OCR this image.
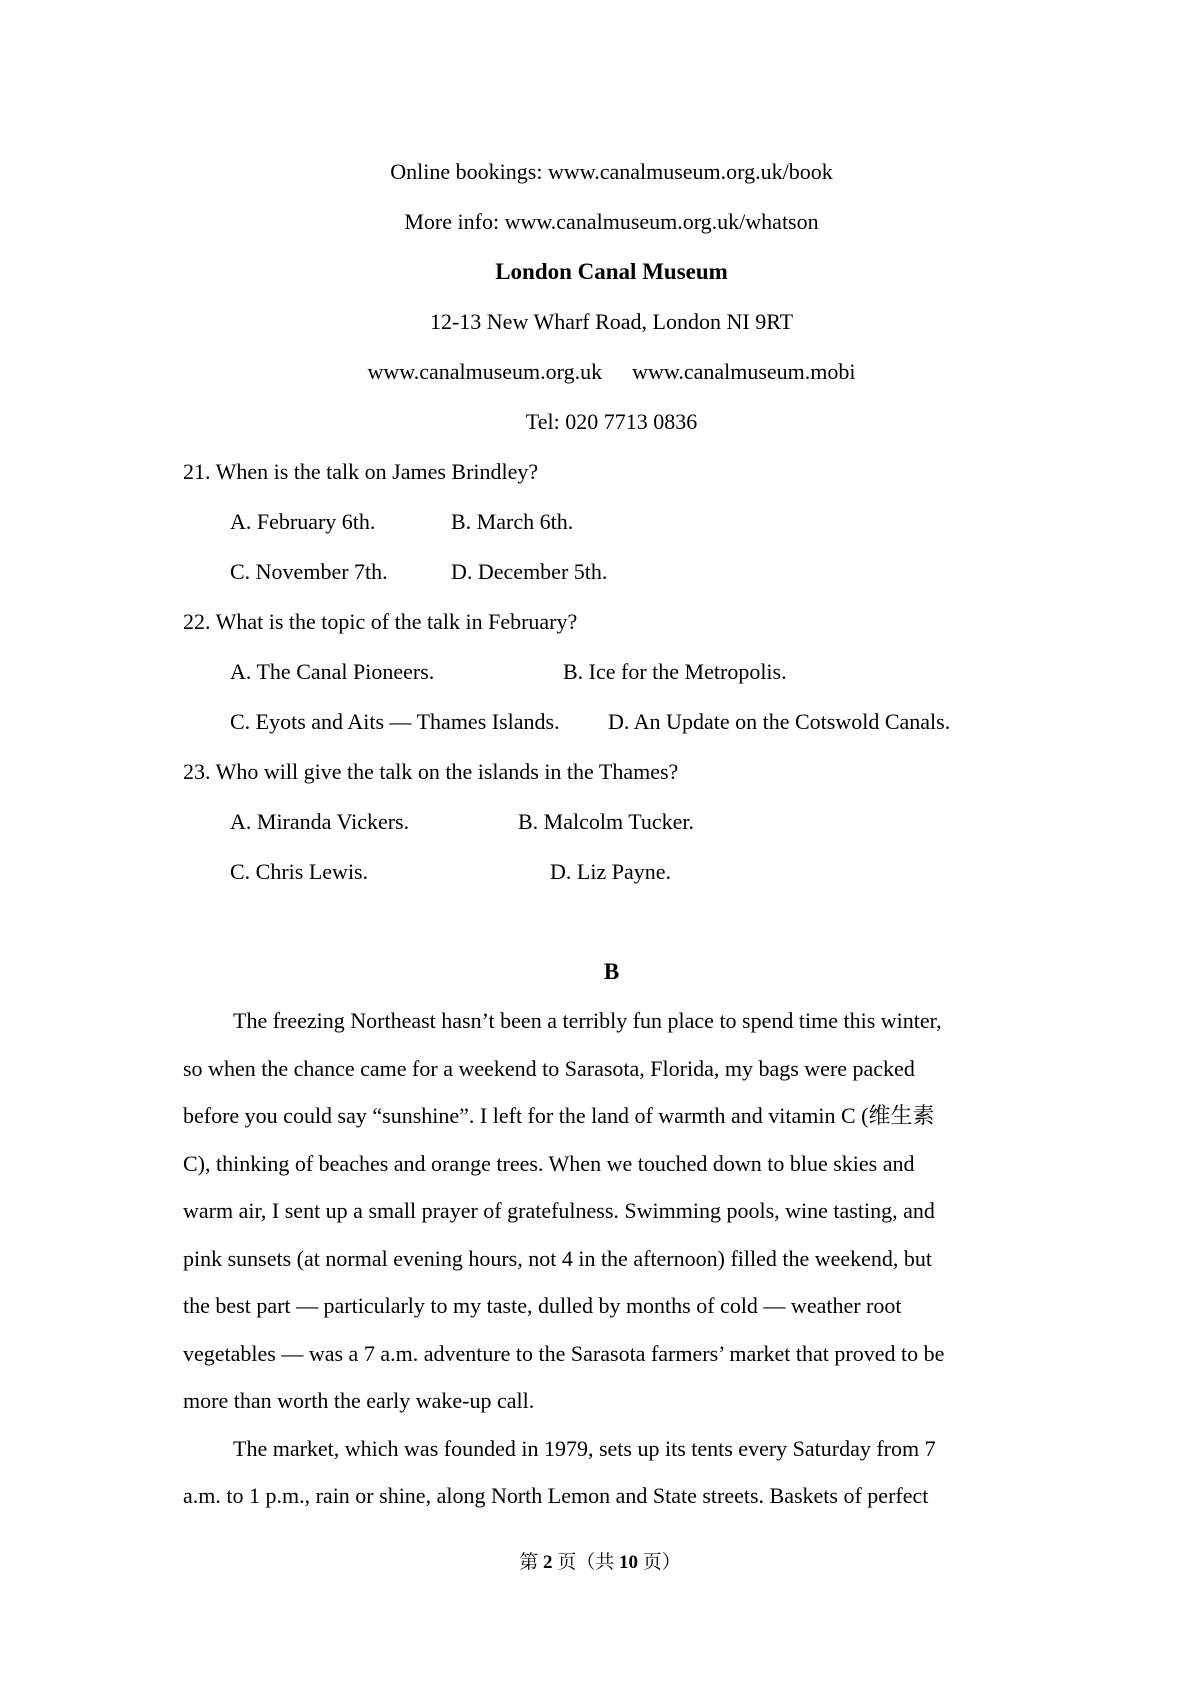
Online bookings: www.canalmuseum.org.uk/book
More info: www.canalmuseum.org.uk/whatson
London Canal Museum
12-13 New Wharf Road, London NI 9RT
www.canalmuseum.org.uk www.canalmuseum.mobi
Tel: 020 7713 0836
21. When is the talk on James Brindley?
A. February 6th.	B. March 6th.
C. November 7th.	D. December 5th.
22. What is the topic of the talk in February?
A. The Canal Pioneers.	B. Ice for the Metropolis.
C. Eyots and Aits — Thames Islands.	D. An Update on the Cotswold Canals.
23. Who will give the talk on the islands in the Thames?
A. Miranda Vickers.	B. Malcolm Tucker.
C. Chris Lewis.	D. Liz Payne.
B
The freezing Northeast hasn’t been a terribly fun place to spend time this winter,
so when the chance came for a weekend to Sarasota, Florida, my bags were packed
before you could say “sunshine”. I left for the land of warmth and vitamin C (维生素
C), thinking of beaches and orange trees. When we touched down to blue skies and
warm air, I sent up a small prayer of gratefulness. Swimming pools, wine tasting, and
pink sunsets (at normal evening hours, not 4 in the afternoon) filled the weekend, but
the best part — particularly to my taste, dulled by months of cold — weather root
vegetables — was a 7 a.m. adventure to the Sarasota farmers’ market that proved to be
more than worth the early wake-up call.
The market, which was founded in 1979, sets up its tents every Saturday from 7
a.m. to 1 p.m., rain or shine, along North Lemon and State streets. Baskets of perfect
第 2 页（共 10 页）
